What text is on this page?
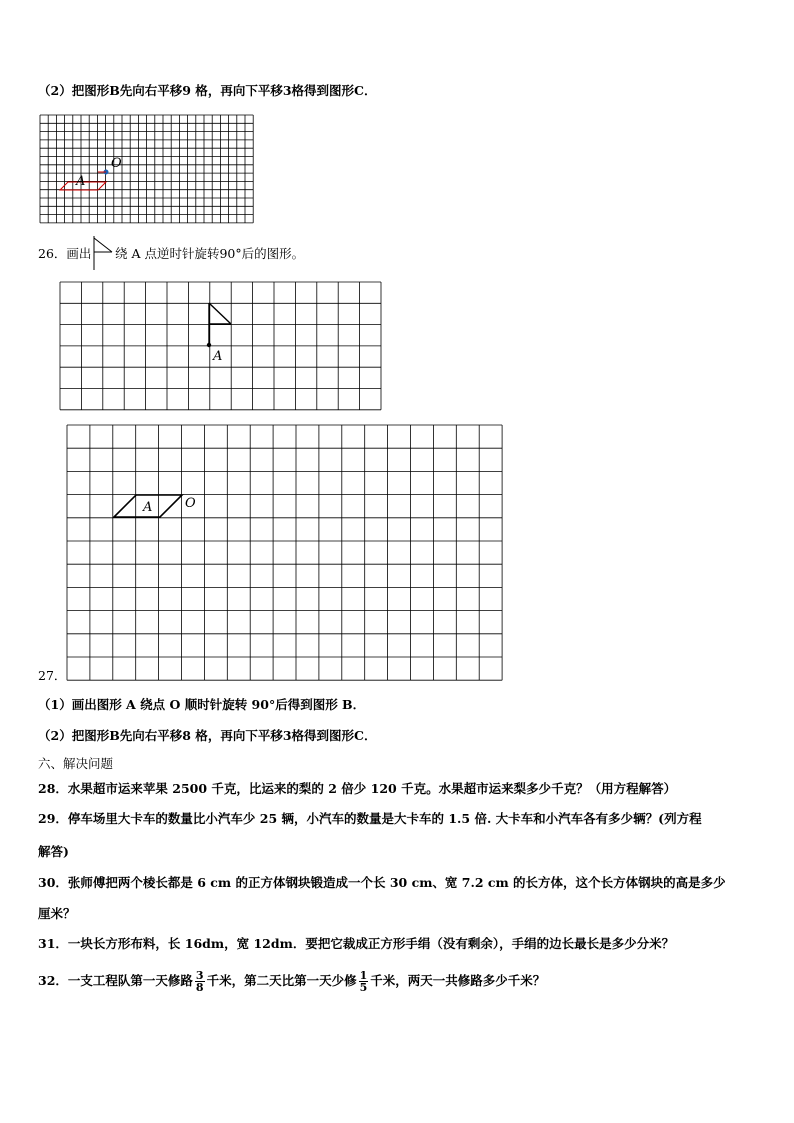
（2）把图形B先向右平移9 格，再向下平移3格得到图形C．
A
O
26．画出 绕 A 点逆时针旋转90°后的图形。
A
A	O
27．
（1）画出图形 A 绕点 O 顺时针旋转 90°后得到图形 B．
（2）把图形B先向右平移8 格，再向下平移3格得到图形C．
六、解决问题
28．水果超市运来苹果 2500 千克，比运来的梨的 2 倍少 120 千克。水果超市运来梨多少千克？（用方程解答）
29．停车场里大卡车的数量比小汽车少 25 辆，小汽车的数量是大卡车的 1.5 倍. 大卡车和小汽车各有多少辆？(列方程
解答)
30．张师傅把两个棱长都是 6 cm 的正方体钢块锻造成一个长 30 cm、宽 7.2 cm 的长方体，这个长方体钢块的高是多少
厘米？
31．一块长方形布料，长 16dm，宽 12dm．要把它裁成正方形手绢（没有剩余），手绢的边长最长是多少分米？
32．一支工程队第一天修路 $\frac{3}{8}$ 千米，第二天比第一天少修 $\frac{1}{5}$ 千米，两天一共修路多少千米？
